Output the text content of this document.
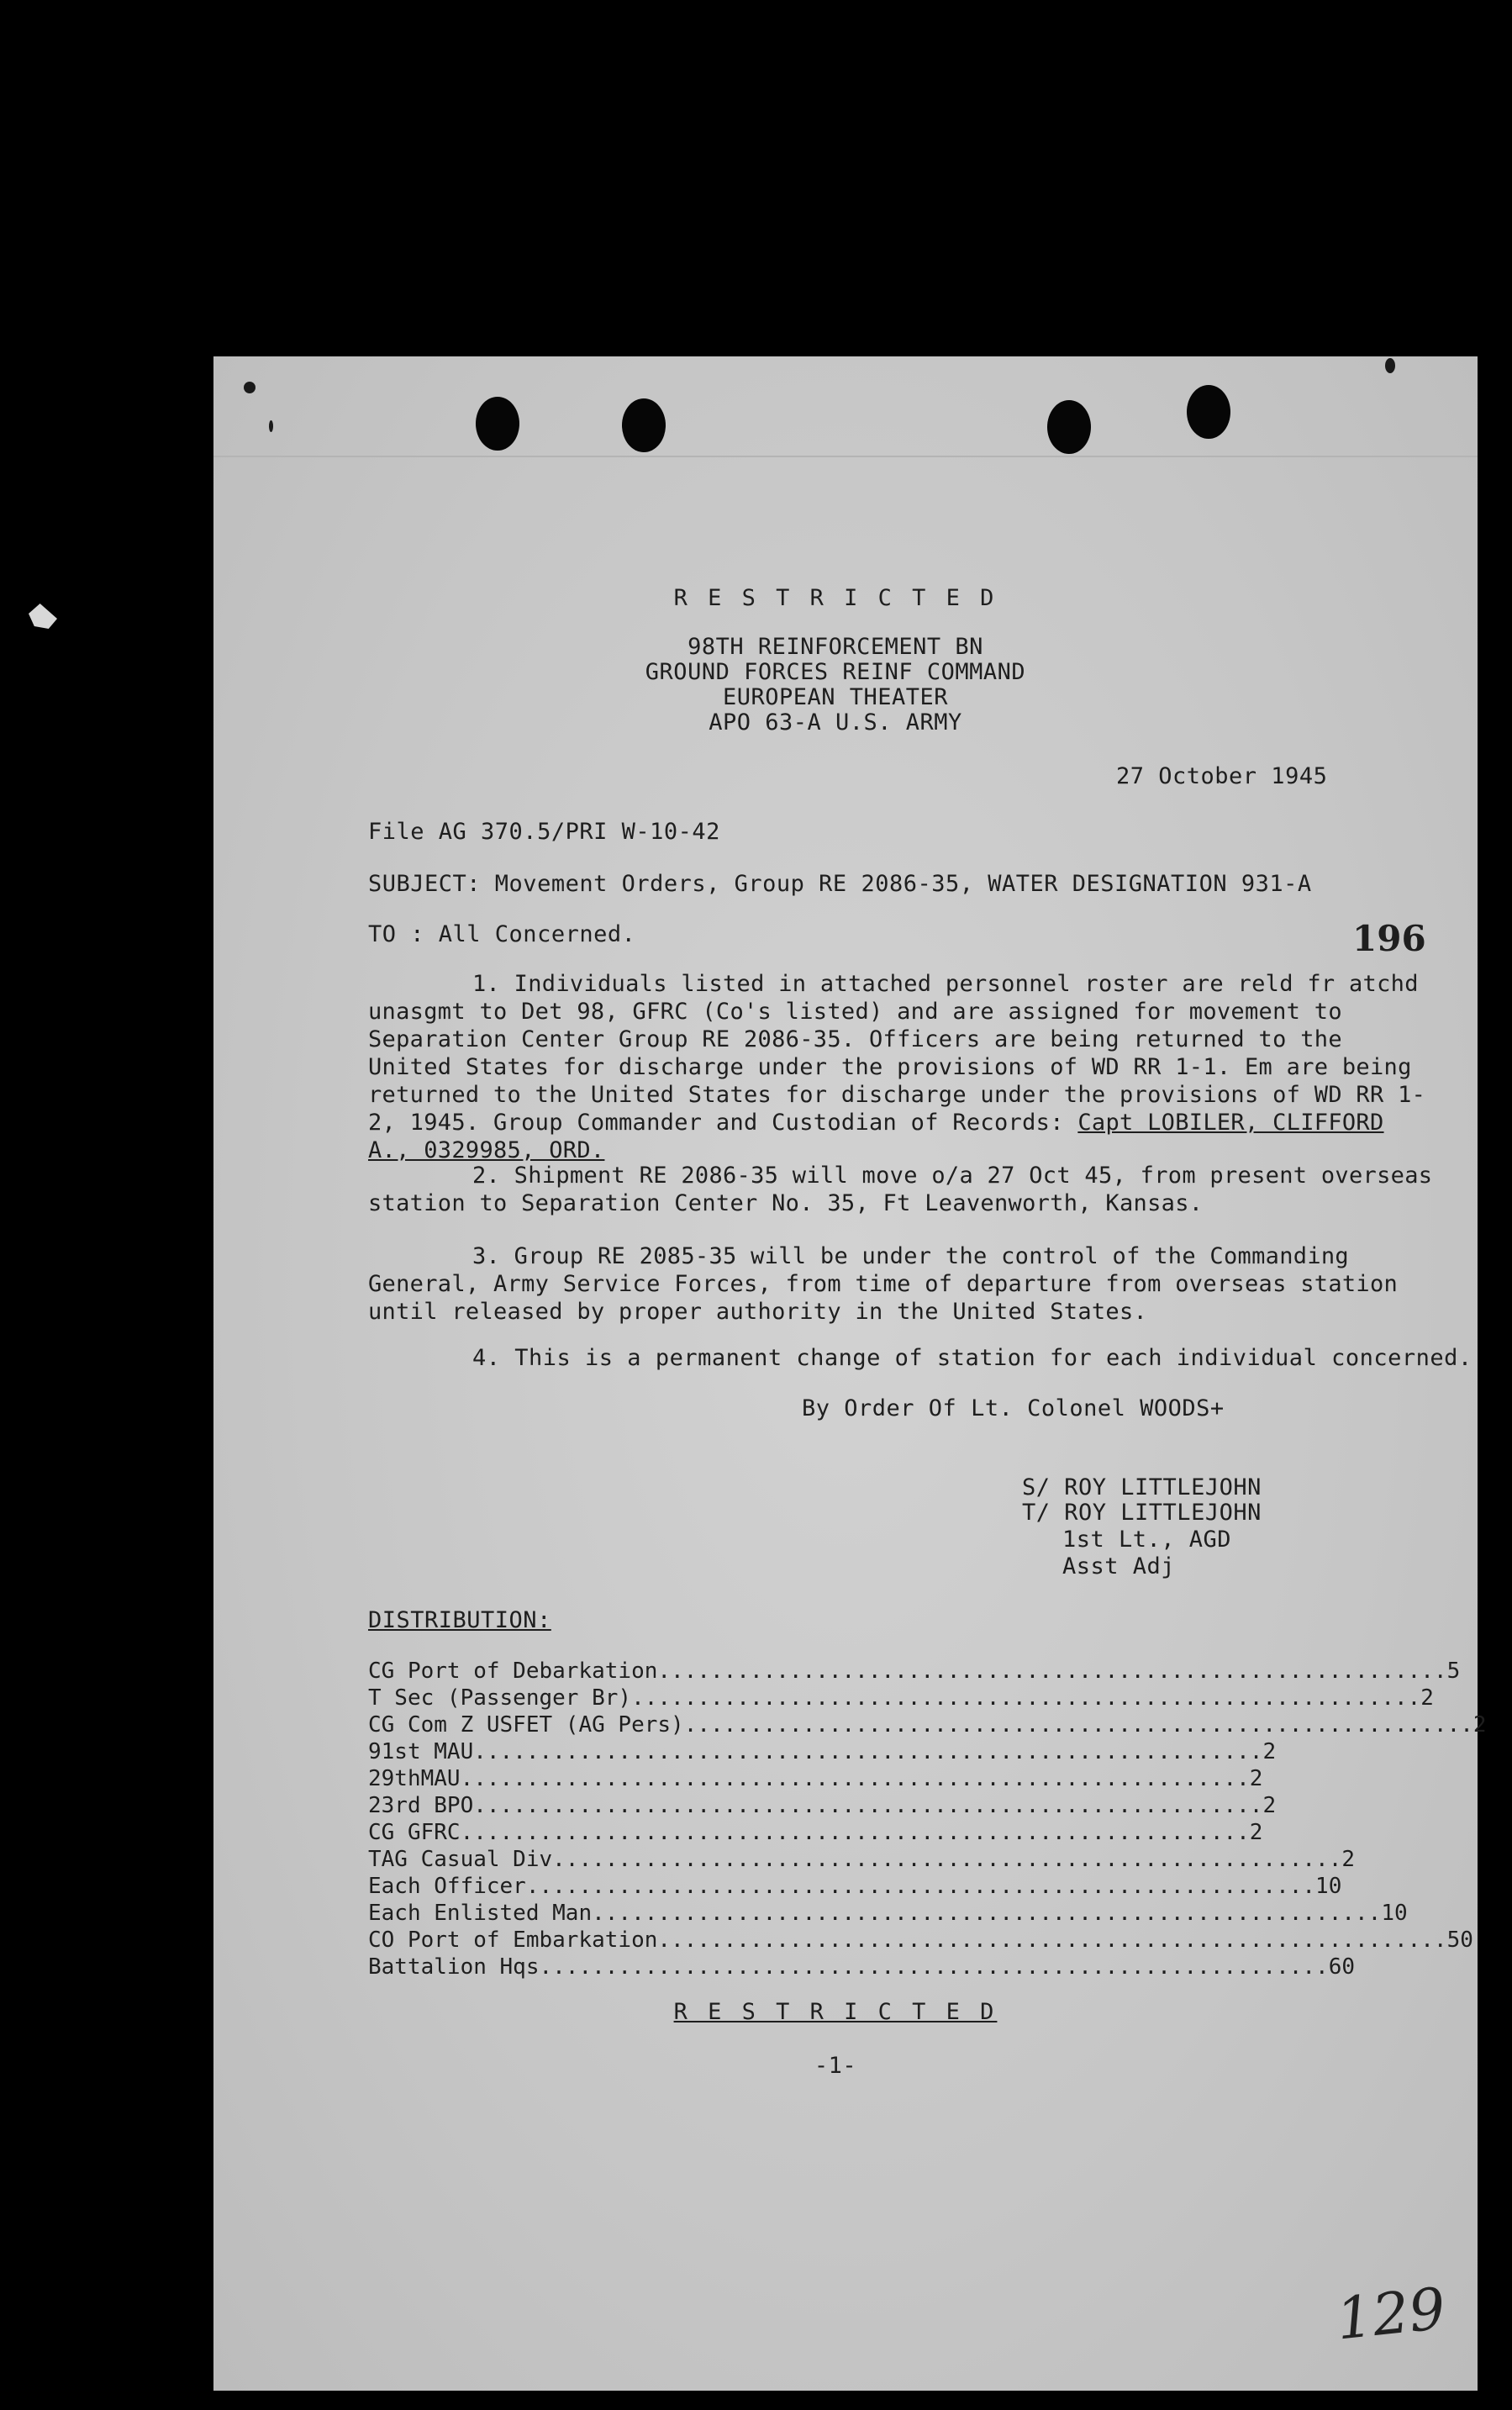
R E S T R I C T E D
98TH REINFORCEMENT BN
GROUND FORCES REINF COMMAND
EUROPEAN THEATER
APO 63-A U.S. ARMY
27 October 1945
File AG 370.5/PRI W-10-42
SUBJECT: Movement Orders, Group RE 2086-35, WATER DESIGNATION 931-A
TO : All Concerned.	196

1. Individuals listed in attached personnel roster are reld fr atchd unasgmt to Det 98, GFRC (Co's listed) and are assigned for movement to Separation Center Group RE 2086-35. Officers are being returned to the United States for discharge under the provisions of WD RR 1-1. Em are being returned to the United States for discharge under the provisions of WD RR 1-2, 1945. Group Commander and Custodian of Records: Capt LOBILER, CLIFFORD A., 0329985, ORD.

2. Shipment RE 2086-35 will move o/a 27 Oct 45, from present overseas station to Separation Center No. 35, Ft Leavenworth, Kansas.

3. Group RE 2085-35 will be under the control of the Commanding General, Army Service Forces, from time of departure from overseas station until released by proper authority in the United States.

4. This is a permanent change of station for each individual concerned.
By Order Of Lt. Colonel WOODS+
S/ ROY LITTLEJOHN
T/ ROY LITTLEJOHN
1st Lt., AGD
Asst Adj
DISTRIBUTION:
CG Port of Debarkation ............................................................ 5
T Sec (Passenger Br) ............................................................ 2
CG Com Z USFET (AG Pers) ............................................................ 2
91st MAU ............................................................ 2
29thMAU ............................................................ 2
23rd BPO ............................................................ 2
CG GFRC ............................................................ 2
TAG Casual Div ............................................................ 2
Each Officer ............................................................ 10
Each Enlisted Man ............................................................ 10
CO Port of Embarkation ............................................................ 50
Battalion Hqs ............................................................ 60
R E S T R I C T E D
-1-
129
